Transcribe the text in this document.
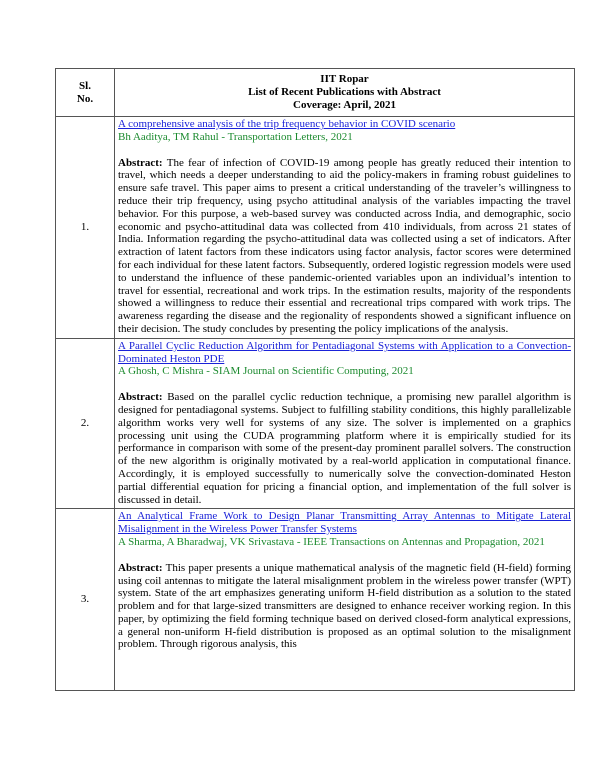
Sl.
No.	IIT Ropar
List of Recent Publications with Abstract
Coverage: April, 2021
1.	A comprehensive analysis of the trip frequency behavior in COVID scenario
Bh Aaditya, TM Rahul - Transportation Letters, 2021
Abstract: The fear of infection of COVID-19 among people has greatly reduced their intention to travel, which needs a deeper understanding to aid the policy-makers in framing robust guidelines to ensure safe travel. This paper aims to present a critical understanding of the traveler’s willingness to reduce their trip frequency, using psycho attitudinal analysis of the variables impacting the travel behavior. For this purpose, a web-based survey was conducted across India, and demographic, socio economic and psycho-attitudinal data was collected from 410 individuals, from across 21 states of India. Information regarding the psycho-attitudinal data was collected using a set of indicators. After extraction of latent factors from these indicators using factor analysis, factor scores were determined for each individual for these latent factors. Subsequently, ordered logistic regression models were used to understand the influence of these pandemic-oriented variables upon an individual’s intention to travel for essential, recreational and work trips. In the estimation results, majority of the respondents showed a willingness to reduce their essential and recreational trips compared with work trips. The awareness regarding the disease and the regionality of respondents showed a significant influence on their decision. The study concludes by presenting the policy implications of the analysis.

2.	A Parallel Cyclic Reduction Algorithm for Pentadiagonal Systems with Application to a Convection-Dominated Heston PDE
A Ghosh, C Mishra - SIAM Journal on Scientific Computing, 2021
Abstract: Based on the parallel cyclic reduction technique, a promising new parallel algorithm is designed for pentadiagonal systems. Subject to fulfilling stability conditions, this highly parallelizable algorithm works very well for systems of any size. The solver is implemented on a graphics processing unit using the CUDA programming platform where it is empirically studied for its performance in comparison with some of the present-day prominent parallel solvers. The construction of the new algorithm is originally motivated by a real-world application in computational finance. Accordingly, it is employed successfully to numerically solve the convection-dominated Heston partial differential equation for pricing a financial option, and implementation of the full solver is discussed in detail.

3.	An Analytical Frame Work to Design Planar Transmitting Array Antennas to Mitigate Lateral Misalignment in the Wireless Power Transfer Systems
A Sharma, A Bharadwaj, VK Srivastava - IEEE Transactions on Antennas and Propagation, 2021
Abstract: This paper presents a unique mathematical analysis of the magnetic field (H-field) forming using coil antennas to mitigate the lateral misalignment problem in the wireless power transfer (WPT) system. State of the art emphasizes generating uniform H-field distribution as a solution to the stated problem and for that large-sized transmitters are designed to enhance receiver working region. In this paper, by optimizing the field forming technique based on derived closed-form analytical expressions, a general non-uniform H-field distribution is proposed as an optimal solution to the misalignment problem. Through rigorous analysis, this
